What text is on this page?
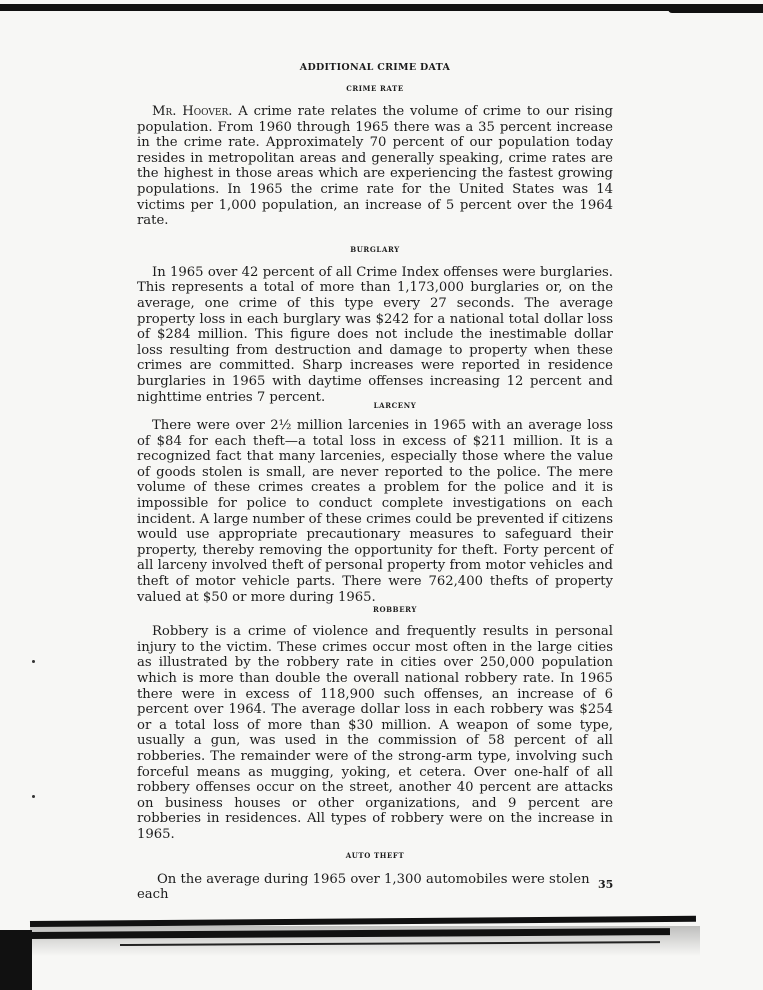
ADDITIONAL CRIME DATA
CRIME RATE

Mr. Hoover. A crime rate relates the volume of crime to our rising population. From 1960 through 1965 there was a 35 percent increase in the crime rate. Approximately 70 percent of our population today resides in metropolitan areas and generally speaking, crime rates are the highest in those areas which are experiencing the fastest growing populations. In 1965 the crime rate for the United States was 14 victims per 1,000 population, an increase of 5 percent over the 1964 rate.

BURGLARY

In 1965 over 42 percent of all Crime Index offenses were burglaries. This represents a total of more than 1,173,000 burglaries or, on the average, one crime of this type every 27 seconds. The average property loss in each burglary was $242 for a national total dollar loss of $284 million. This figure does not include the inestimable dollar loss resulting from destruction and damage to property when these crimes are committed. Sharp increases were reported in residence burglaries in 1965 with daytime offenses increasing 12 percent and nighttime entries 7 percent.

LARCENY

There were over 2½ million larcenies in 1965 with an average loss of $84 for each theft—a total loss in excess of $211 million. It is a recognized fact that many larcenies, especially those where the value of goods stolen is small, are never reported to the police. The mere volume of these crimes creates a problem for the police and it is impossible for police to conduct complete investigations on each incident. A large number of these crimes could be prevented if citizens would use appropriate precautionary measures to safeguard their property, thereby removing the opportunity for theft. Forty percent of all larceny involved theft of personal property from motor vehicles and theft of motor vehicle parts. There were 762,400 thefts of property valued at $50 or more during 1965.

ROBBERY

Robbery is a crime of violence and frequently results in personal injury to the victim. These crimes occur most often in the large cities as illustrated by the robbery rate in cities over 250,000 population which is more than double the overall national robbery rate. In 1965 there were in excess of 118,900 such offenses, an increase of 6 percent over 1964. The average dollar loss in each robbery was $254 or a total loss of more than $30 million. A weapon of some type, usually a gun, was used in the commission of 58 percent of all robberies. The remainder were of the strong-arm type, involving such forceful means as mugging, yoking, et cetera. Over one-half of all robbery offenses occur on the street, another 40 percent are attacks on business houses or other organizations, and 9 percent are robberies in residences. All types of robbery were on the increase in 1965.

AUTO THEFT

On the average during 1965 over 1,300 automobiles were stolen each

35
